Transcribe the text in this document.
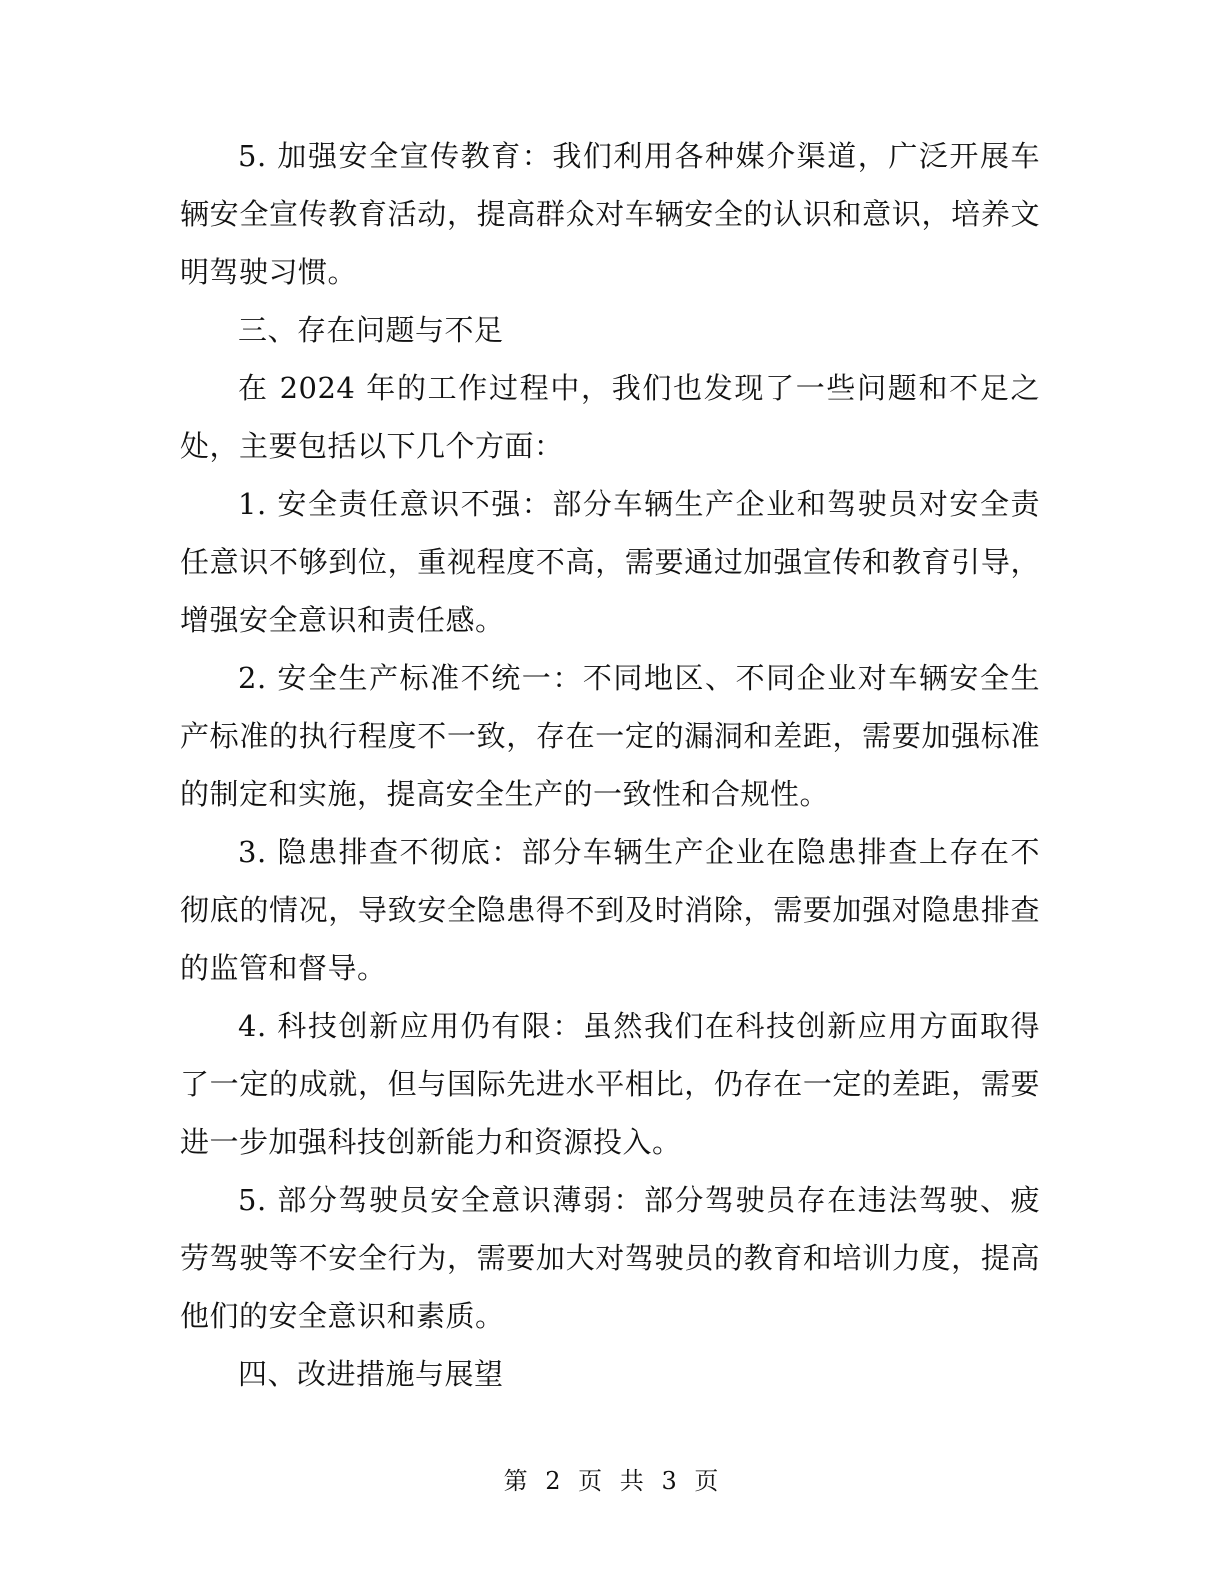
5. 加强安全宣传教育：我们利用各种媒介渠道，广泛开展车辆安全宣传教育活动，提高群众对车辆安全的认识和意识，培养文明驾驶习惯。

三、存在问题与不足

在 2024 年的工作过程中，我们也发现了一些问题和不足之处，主要包括以下几个方面：

1. 安全责任意识不强：部分车辆生产企业和驾驶员对安全责任意识不够到位，重视程度不高，需要通过加强宣传和教育引导，增强安全意识和责任感。

2. 安全生产标准不统一：不同地区、不同企业对车辆安全生产标准的执行程度不一致，存在一定的漏洞和差距，需要加强标准的制定和实施，提高安全生产的一致性和合规性。

3. 隐患排查不彻底：部分车辆生产企业在隐患排查上存在不彻底的情况，导致安全隐患得不到及时消除，需要加强对隐患排查的监管和督导。

4. 科技创新应用仍有限：虽然我们在科技创新应用方面取得了一定的成就，但与国际先进水平相比，仍存在一定的差距，需要进一步加强科技创新能力和资源投入。

5. 部分驾驶员安全意识薄弱：部分驾驶员存在违法驾驶、疲劳驾驶等不安全行为，需要加大对驾驶员的教育和培训力度，提高他们的安全意识和素质。

四、改进措施与展望

第 2 页 共 3 页
